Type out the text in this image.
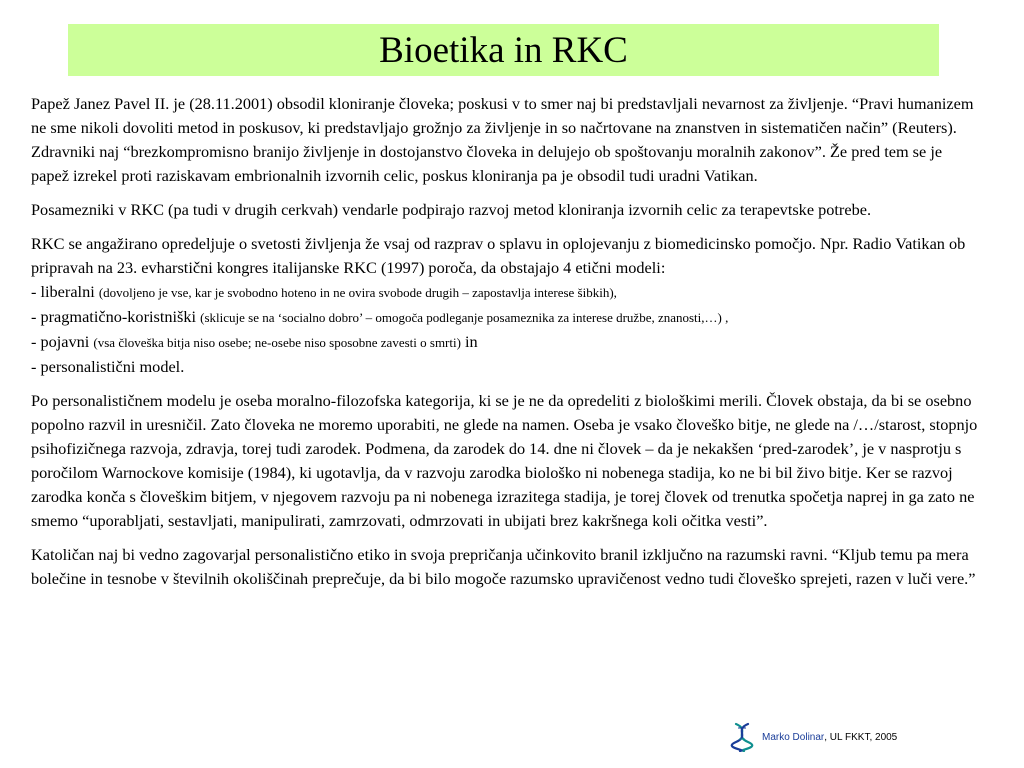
Bioetika in RKC

Papež Janez Pavel II. je (28.11.2001) obsodil kloniranje človeka; poskusi v to smer naj bi predstavljali nevarnost za življenje. “Pravi humanizem ne sme nikoli dovoliti metod in poskusov, ki predstavljajo grožnjo za življenje in so načrtovane na znanstven in sistematičen način” (Reuters). Zdravniki naj “brezkompromisno branijo življenje in dostojanstvo človeka in delujejo ob spoštovanju moralnih zakonov”. Že pred tem se je papež izrekel proti raziskavam embrionalnih izvornih celic, poskus kloniranja pa je obsodil tudi uradni Vatikan.

Posamezniki v RKC (pa tudi v drugih cerkvah) vendarle podpirajo razvoj metod kloniranja izvornih celic za terapevtske potrebe.

RKC se angažirano opredeljuje o svetosti življenja že vsaj od razprav o splavu in oplojevanju z biomedicinsko pomočjo. Npr. Radio Vatikan ob pripravah na 23. evharstični kongres italijanske RKC (1997) poroča, da obstajajo 4 etični modeli:
- liberalni (dovoljeno je vse, kar je svobodno hoteno in ne ovira svobode drugih – zapostavlja interese šibkih),
- pragmatično-koristniški (sklicuje se na ‘socialno dobro’ – omogoča podleganje posameznika za interese družbe, znanosti,…) ,
- pojavni (vsa človeška bitja niso osebe; ne-osebe niso sposobne zavesti o smrti) in
- personalistični model.

Po personalističnem modelu je oseba moralno-filozofska kategorija, ki se je ne da opredeliti z biološkimi merili. Človek obstaja, da bi se osebno popolno razvil in uresničil. Zato človeka ne moremo uporabiti, ne glede na namen. Oseba je vsako človeško bitje, ne glede na /…/starost, stopnjo psihofizičnega razvoja, zdravja, torej tudi zarodek. Podmena, da zarodek do 14. dne ni človek – da je nekakšen ‘pred-zarodek’, je v nasprotju s poročilom Warnockove komisije (1984), ki ugotavlja, da v razvoju zarodka biološko ni nobenega stadija, ko ne bi bil živo bitje. Ker se razvoj zarodka konča s človeškim bitjem, v njegovem razvoju pa ni nobenega izrazitega stadija, je torej človek od trenutka spočetja naprej in ga zato ne smemo “uporabljati, sestavljati, manipulirati, zamrzovati, odmrzovati in ubijati brez kakršnega koli očitka vesti”.

Katoličan naj bi vedno zagovarjal personalistično etiko in svoja prepričanja učinkovito branil izključno na razumski ravni. “Kljub temu pa mera bolečine in tesnobe v številnih okoliščinah preprečuje, da bi bilo mogoče razumsko upravičenost vedno tudi človeško sprejeti, razen v luči vere.”

Marko Dolinar , UL FKKT, 2005
